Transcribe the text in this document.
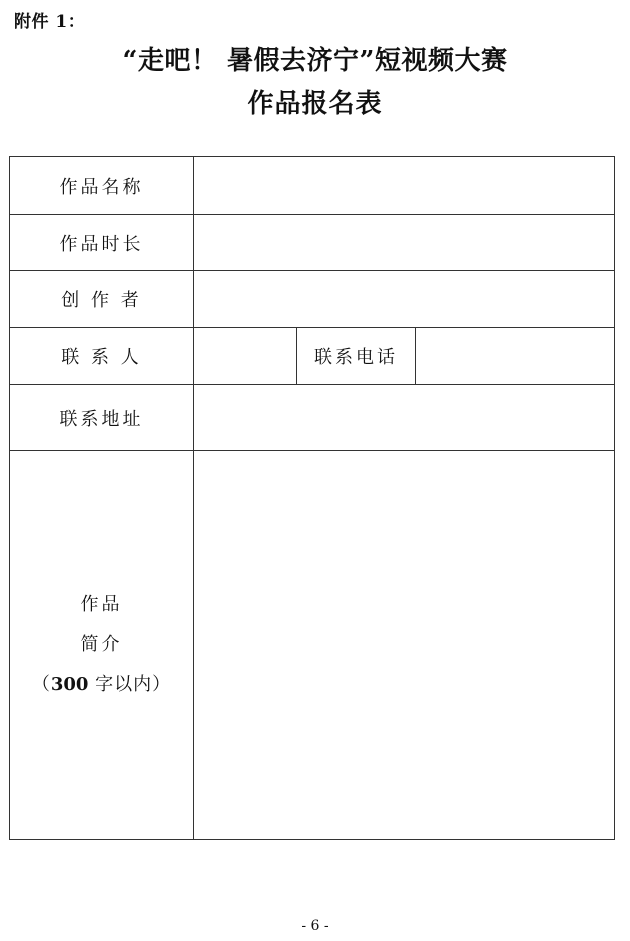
附件 1：
“走吧！ 暑假去济宁”短视频大赛
作品报名表
作品名称			
作品时长			
创 作 者			
联 系 人		联系电话	
联系地址			

作品
简介
（300 字以内）			

- 6 -
